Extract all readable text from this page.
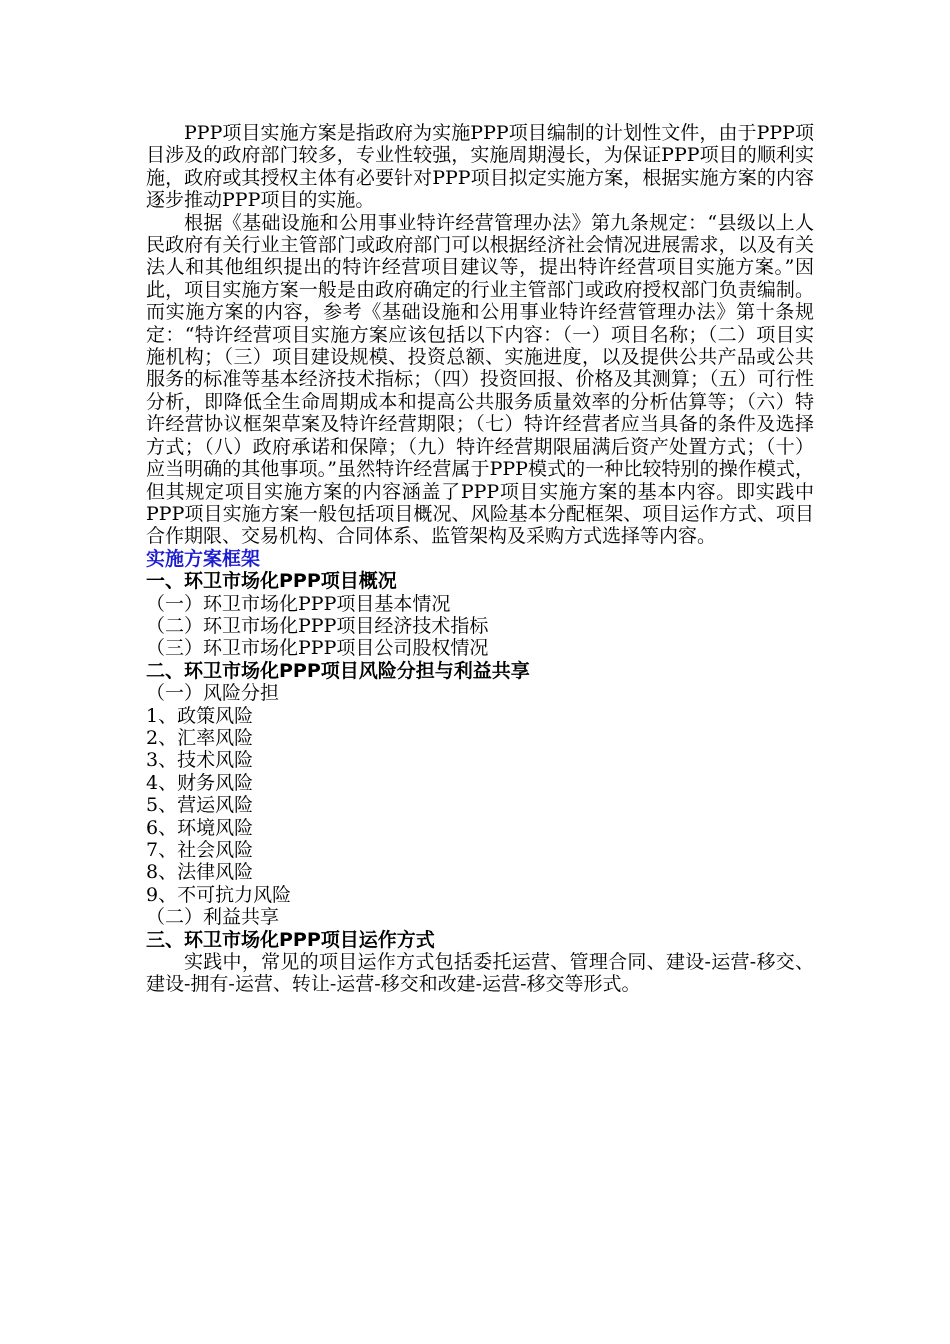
PPP项目实施方案是指政府为实施PPP项目编制的计划性文件，由于PPP项目涉及的政府部门较多，专业性较强，实施周期漫长，为保证PPP项目的顺利实施，政府或其授权主体有必要针对PPP项目拟定实施方案，根据实施方案的内容逐步推动PPP项目的实施。

根据《基础设施和公用事业特许经营管理办法》第九条规定：“县级以上人民政府有关行业主管部门或政府部门可以根据经济社会情况进展需求，以及有关法人和其他组织提出的特许经营项目建议等，提出特许经营项目实施方案。”因此，项目实施方案一般是由政府确定的行业主管部门或政府授权部门负责编制。而实施方案的内容，参考《基础设施和公用事业特许经营管理办法》第十条规定：“特许经营项目实施方案应该包括以下内容：（一）项目名称；（二）项目实施机构；（三）项目建设规模、投资总额、实施进度，以及提供公共产品或公共服务的标准等基本经济技术指标；（四）投资回报、价格及其测算；（五）可行性分析，即降低全生命周期成本和提高公共服务质量效率的分析估算等；（六）特许经营协议框架草案及特许经营期限；（七）特许经营者应当具备的条件及选择方式；（八）政府承诺和保障；（九）特许经营期限届满后资产处置方式；（十）应当明确的其他事项。”虽然特许经营属于PPP模式的一种比较特别的操作模式，但其规定项目实施方案的内容涵盖了PPP项目实施方案的基本内容。即实践中PPP项目实施方案一般包括项目概况、风险基本分配框架、项目运作方式、项目合作期限、交易机构、合同体系、监管架构及采购方式选择等内容。

实施方案框架

一、环卫市场化PPP项目概况

（一）环卫市场化PPP项目基本情况

（二）环卫市场化PPP项目经济技术指标

（三）环卫市场化PPP项目公司股权情况

二、环卫市场化PPP项目风险分担与利益共享

（一）风险分担

1、政策风险

2、汇率风险

3、技术风险

4、财务风险

5、营运风险

6、环境风险

7、社会风险

8、法律风险

9、不可抗力风险

（二）利益共享

三、环卫市场化PPP项目运作方式

实践中，常见的项目运作方式包括委托运营、管理合同、建设-运营-移交、建设-拥有-运营、转让-运营-移交和改建-运营-移交等形式。
